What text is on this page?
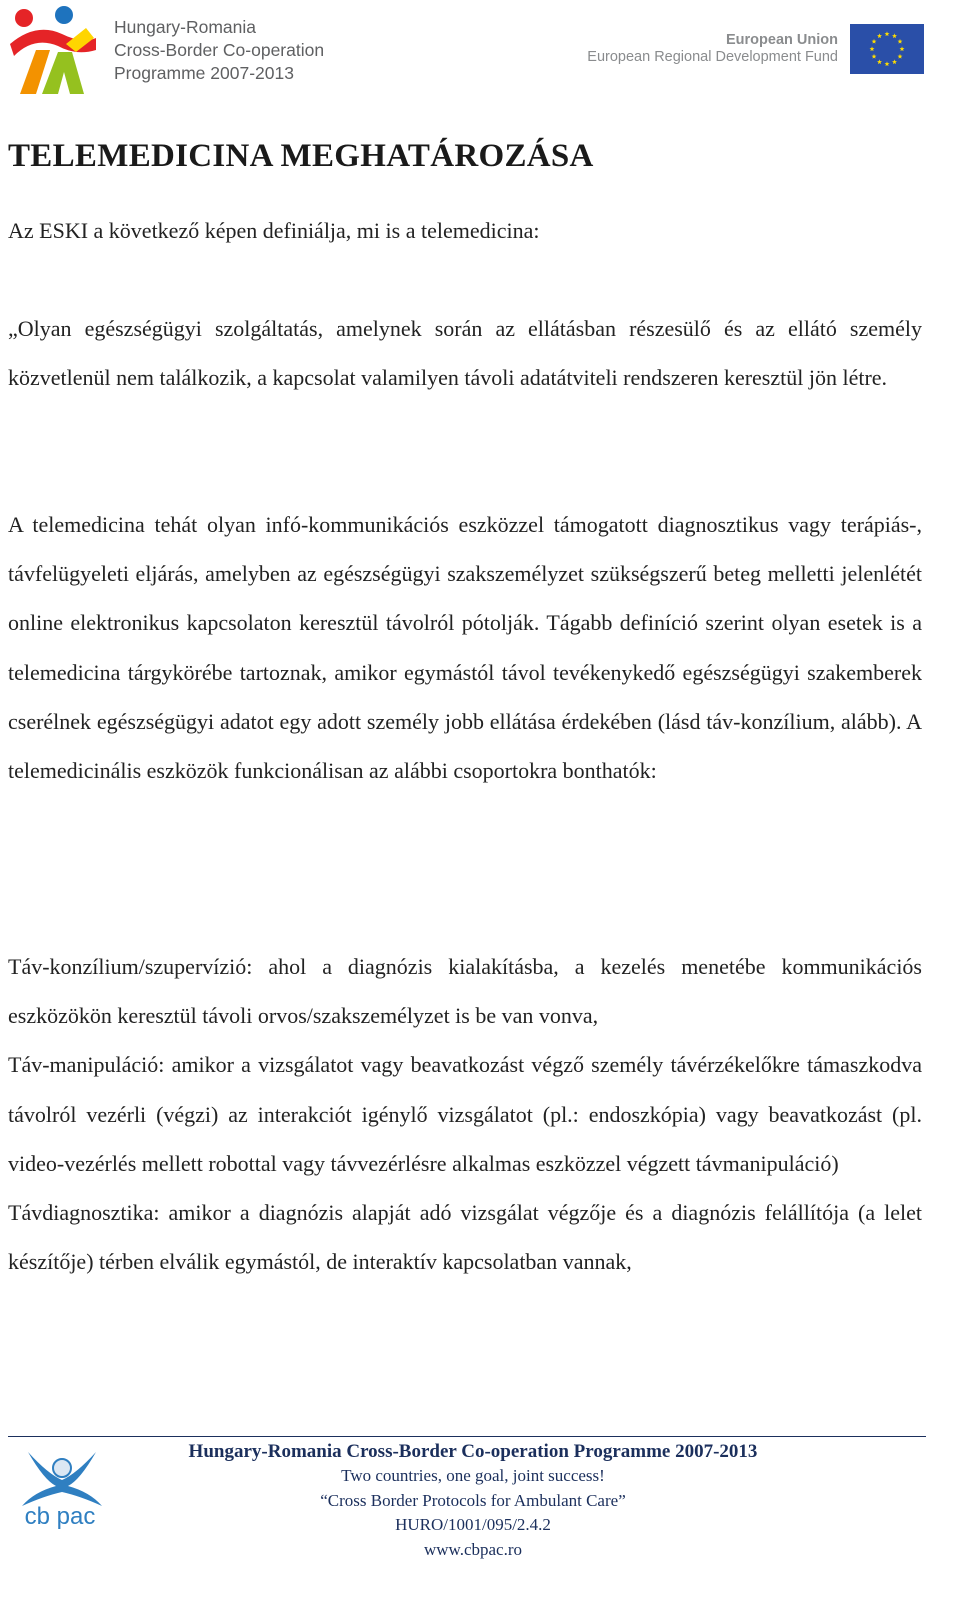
Hungary-Romania
Cross-Border Co-operation
Programme 2007-2013
European Union
European Regional Development Fund
TELEMEDICINA MEGHATÁROZÁSA
Az ESKI a következő képen definiálja, mi is a telemedicina:
„Olyan egészségügyi szolgáltatás, amelynek során az ellátásban részesülő és az ellátó személy közvetlenül nem találkozik, a kapcsolat valamilyen távoli adatátviteli rendszeren keresztül jön létre.
A telemedicina tehát olyan infó-kommunikációs eszközzel támogatott diagnosztikus vagy terápiás-, távfelügyeleti eljárás, amelyben az egészségügyi szakszemélyzet szükségszerű beteg melletti jelenlétét online elektronikus kapcsolaton keresztül távolról pótolják. Tágabb definíció szerint olyan esetek is a telemedicina tárgykörébe tartoznak, amikor egymástól távol tevékenykedő egészségügyi szakemberek cserélnek egészségügyi adatot egy adott személy jobb ellátása érdekében (lásd táv-konzílium, alább). A telemedicinális eszközök funkcionálisan az alábbi csoportokra bonthatók:
Táv-konzílium/szupervízió: ahol a diagnózis kialakításba, a kezelés menetébe kommunikációs eszközökön keresztül távoli orvos/szakszemélyzet is be van vonva,
Táv-manipuláció: amikor a vizsgálatot vagy beavatkozást végző személy távérzékelőkre támaszkodva távolról vezérli (végzi) az interakciót igénylő vizsgálatot (pl.: endoszkópia) vagy beavatkozást (pl. video-vezérlés mellett robottal vagy távvezérlésre alkalmas eszközzel végzett távmanipuláció)
Távdiagnosztika: amikor a diagnózis alapját adó vizsgálat végzője és a diagnózis felállítója (a lelet készítője) térben elválik egymástól, de interaktív kapcsolatban vannak,
cb pac
Hungary-Romania Cross-Border Co-operation Programme 2007-2013
Two countries, one goal, joint success!
“Cross Border Protocols for Ambulant Care”
HURO/1001/095/2.4.2
www.cbpac.ro
